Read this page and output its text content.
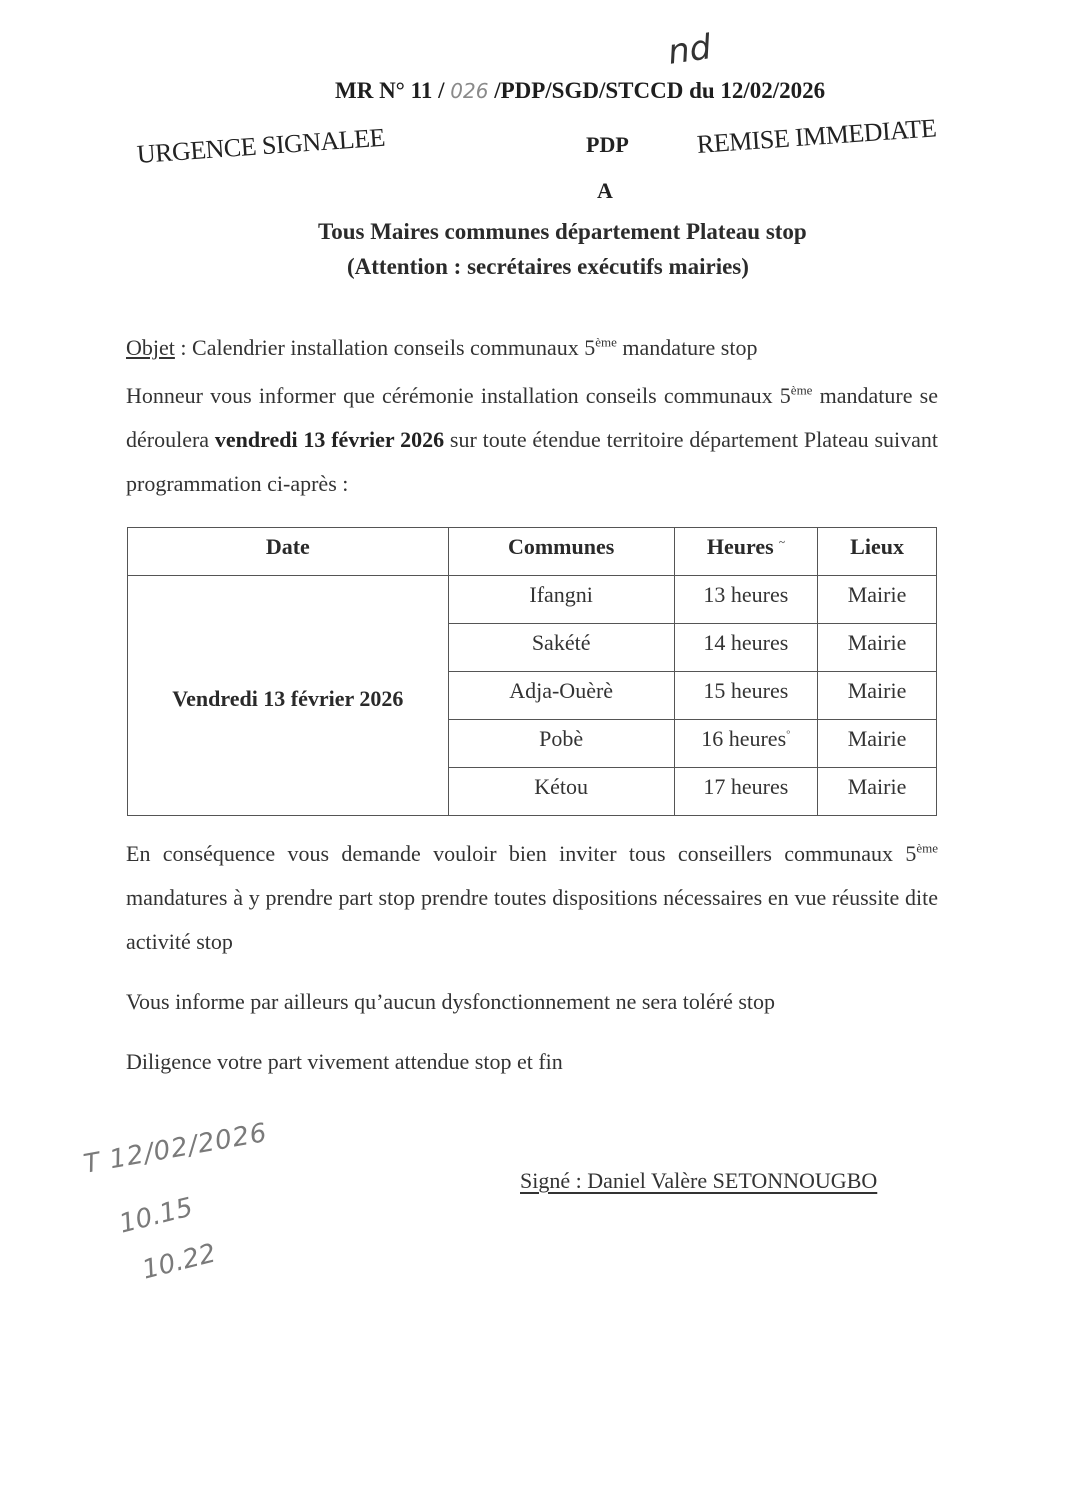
nd
MR N° 11 / 026 /PDP/SGD/STCCD du 12/02/2026
URGENCE SIGNALEE	PDP
A
REMISE IMMEDIATE
Tous Maires communes département Plateau stop
(Attention : secrétaires exécutifs mairies)
Objet : Calendrier installation conseils communaux 5ème mandature stop
Honneur vous informer que cérémonie installation conseils communaux 5ème mandature se déroulera vendredi 13 février 2026 sur toute étendue territoire département Plateau suivant programmation ci-après :
Date	Communes	Heures ~	Lieux
Vendredi 13 février 2026	Ifangni	13 heures	Mairie
	Sakété	14 heures	Mairie
	Adja-Ouèrè	15 heures	Mairie
	Pobè	16 heures°	Mairie
	Kétou	17 heures	Mairie
En conséquence vous demande vouloir bien inviter tous conseillers communaux 5ème mandatures à y prendre part stop prendre toutes dispositions nécessaires en vue réussite dite activité stop
Vous informe par ailleurs qu’aucun dysfonctionnement ne sera toléré stop
Diligence votre part vivement attendue stop et fin
T 12/02/2026
10.15
10.22
Signé : Daniel Valère SETONNOUGBO
